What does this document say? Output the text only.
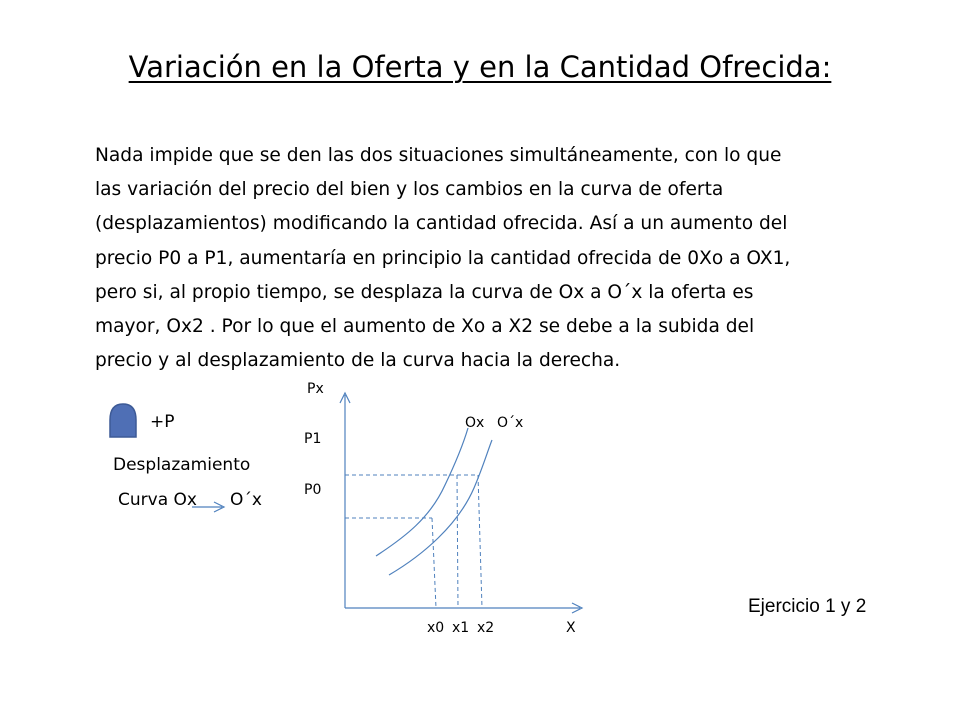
Variación en la Oferta y en la Cantidad Ofrecida:

Nada impide que se den las dos situaciones simultáneamente, con lo que
las variación del precio del bien y los cambios en la curva de oferta
(desplazamientos) modificando la cantidad ofrecida. Así a un aumento del
precio P0 a P1, aumentaría en principio la cantidad ofrecida de 0Xo a OX1,
pero si, al propio tiempo, se desplaza la curva de Ox a O´x la oferta es
mayor, Ox2 . Por lo que el aumento de Xo a X2 se debe a la subida del
precio y al desplazamiento de la curva hacia la derecha.

+P
Desplazamiento
Curva Ox O´x
Px
P1
P0
Ox O´x
x0 x1 x2	X
Ejercicio 1 y 2
